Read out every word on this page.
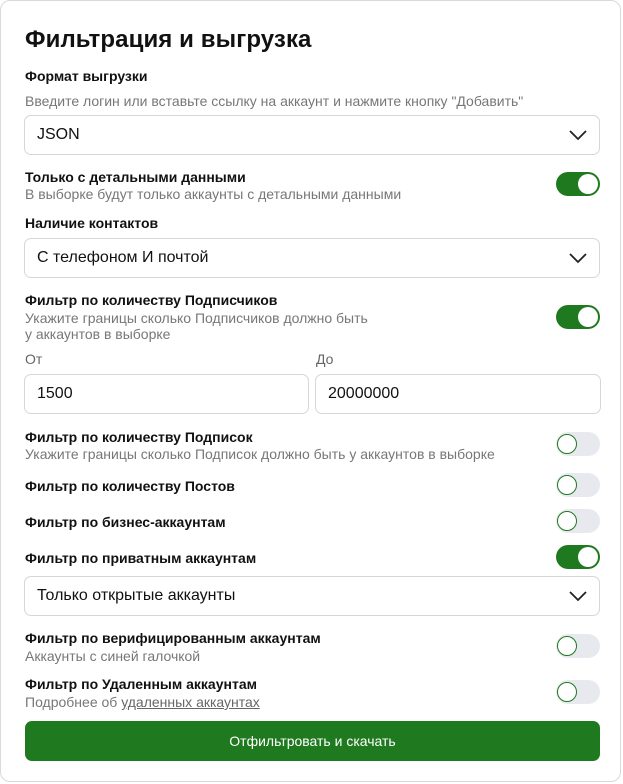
Фильтрация и выгрузка
Формат выгрузки
Введите логин или вставьте ссылку на аккаунт и нажмите кнопку "Добавить"
JSON
Только с детальными данными
В выборке будут только аккаунты с детальными данными
Наличие контактов
С телефоном И почтой
Фильтр по количеству Подписчиков
Укажите границы сколько Подписчиков должно быть
у аккаунтов в выборке
От	До
1500
20000000
Фильтр по количеству Подписок
Укажите границы сколько Подписок должно быть у аккаунтов в выборке
Фильтр по количеству Постов
Фильтр по бизнес-аккаунтам
Фильтр по приватным аккаунтам
Только открытые аккаунты
Фильтр по верифицированным аккаунтам
Аккаунты с синей галочкой
Фильтр по Удаленным аккаунтам
Подробнее об удаленных аккаунтах
Отфильтровать и скачать
